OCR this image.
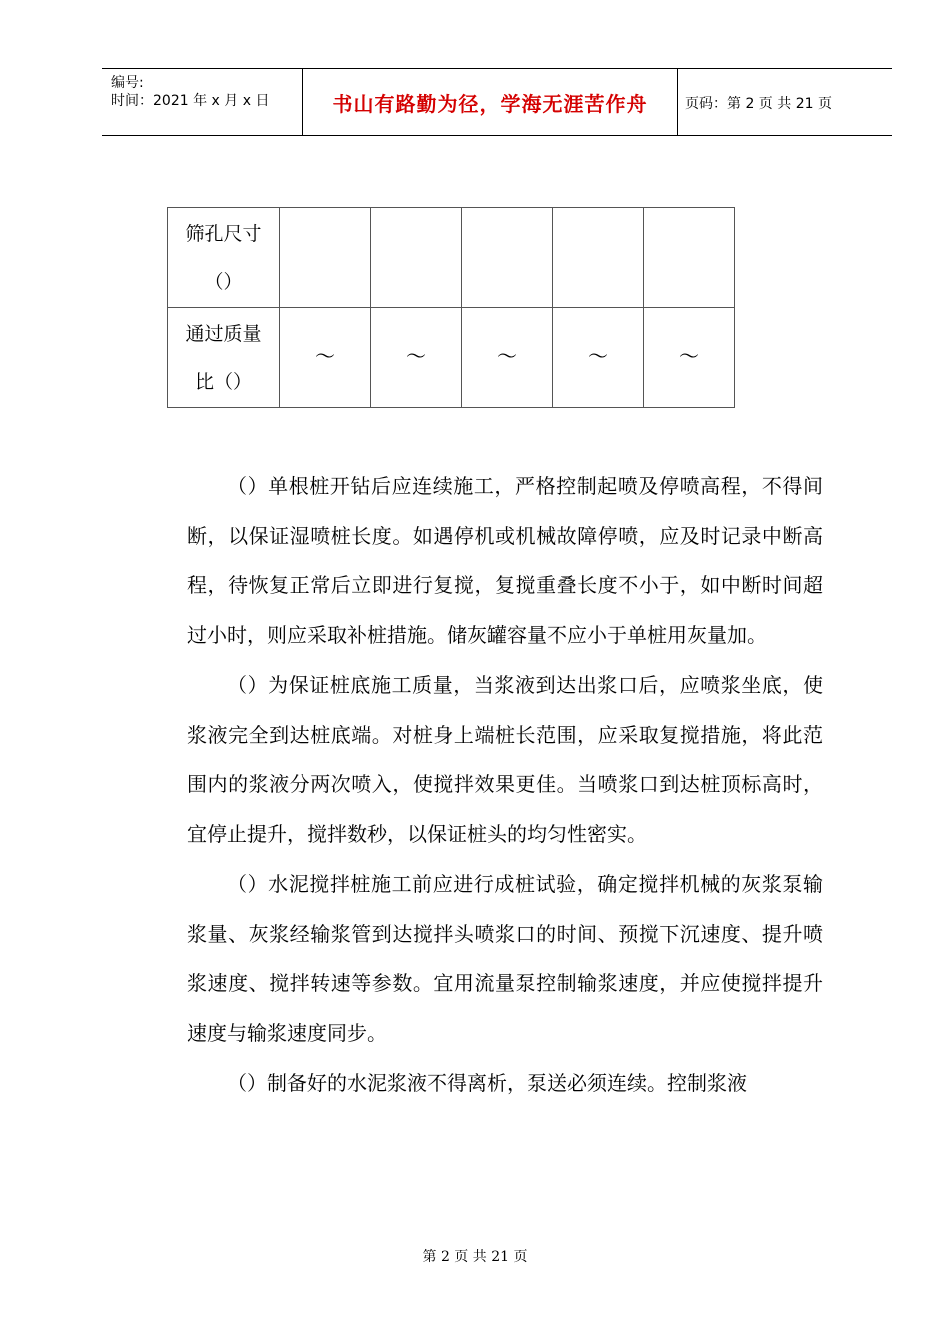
编号:
时间：2021 年 x 月 x 日	书山有路勤为径，学海无涯苦作舟	页码：第 2 页 共 21 页
筛孔尺寸
（）					

通过质量
比（）	～	～	～	～	～

（）单根桩开钻后应连续施工，严格控制起喷及停喷高程，不得间断，以保证湿喷桩长度。如遇停机或机械故障停喷，应及时记录中断高程，待恢复正常后立即进行复搅，复搅重叠长度不小于，如中断时间超过小时，则应采取补桩措施。储灰罐容量不应小于单桩用灰量加。

（）为保证桩底施工质量，当浆液到达出浆口后，应喷浆坐底，使浆液完全到达桩底端。对桩身上端桩长范围，应采取复搅措施，将此范围内的浆液分两次喷入，使搅拌效果更佳。当喷浆口到达桩顶标高时，宜停止提升，搅拌数秒，以保证桩头的均匀性密实。

（）水泥搅拌桩施工前应进行成桩试验，确定搅拌机械的灰浆泵输浆量、灰浆经输浆管到达搅拌头喷浆口的时间、预搅下沉速度、提升喷浆速度、搅拌转速等参数。宜用流量泵控制输浆速度，并应使搅拌提升速度与输浆速度同步。

（）制备好的水泥浆液不得离析，泵送必须连续。控制浆液

第 2 页 共 21 页
